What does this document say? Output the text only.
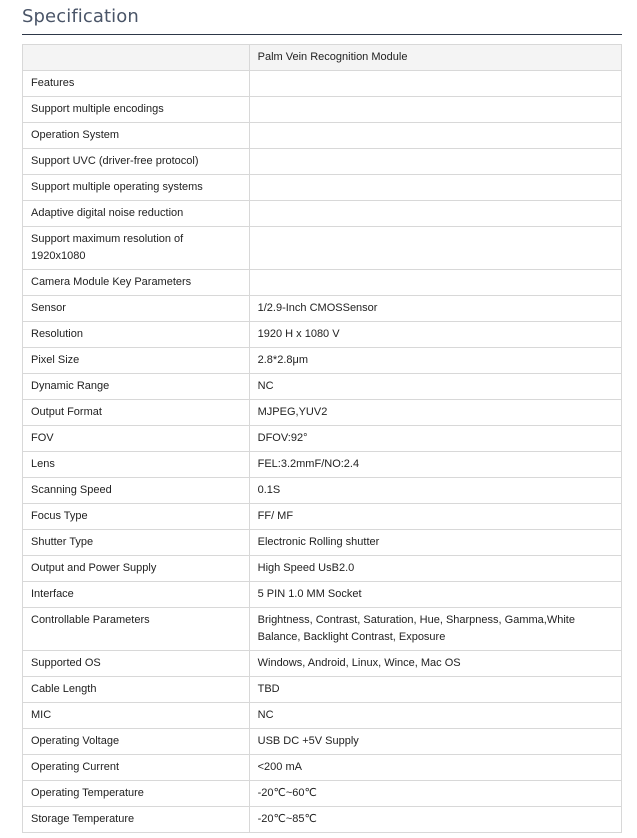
Specification
	Palm Vein Recognition Module
Features	
Support multiple encodings	
Operation System	
Support UVC (driver-free protocol)	
Support multiple operating systems	
Adaptive digital noise reduction	
Support maximum resolution of 1920x1080	
Camera Module Key Parameters	
Sensor	1/2.9-Inch CMOSSensor
Resolution	1920 H x 1080 V
Pixel Size	2.8*2.8μm
Dynamic Range	NC
Output Format	MJPEG,YUV2
FOV	DFOV:92°
Lens	FEL:3.2mmF/NO:2.4
Scanning Speed	0.1S
Focus Type	FF/ MF
Shutter Type	Electronic Rolling shutter
Output and Power Supply	High Speed UsB2.0
Interface	5 PIN 1.0 MM Socket
Controllable Parameters	Brightness, Contrast, Saturation, Hue, Sharpness, Gamma,White Balance, Backlight Contrast, Exposure
Supported OS	Windows, Android, Linux, Wince, Mac OS
Cable Length	TBD
MIC	NC
Operating Voltage	USB DC +5V Supply
Operating Current	<200 mA
Operating Temperature	-20℃~60℃
Storage Temperature	-20℃~85℃
